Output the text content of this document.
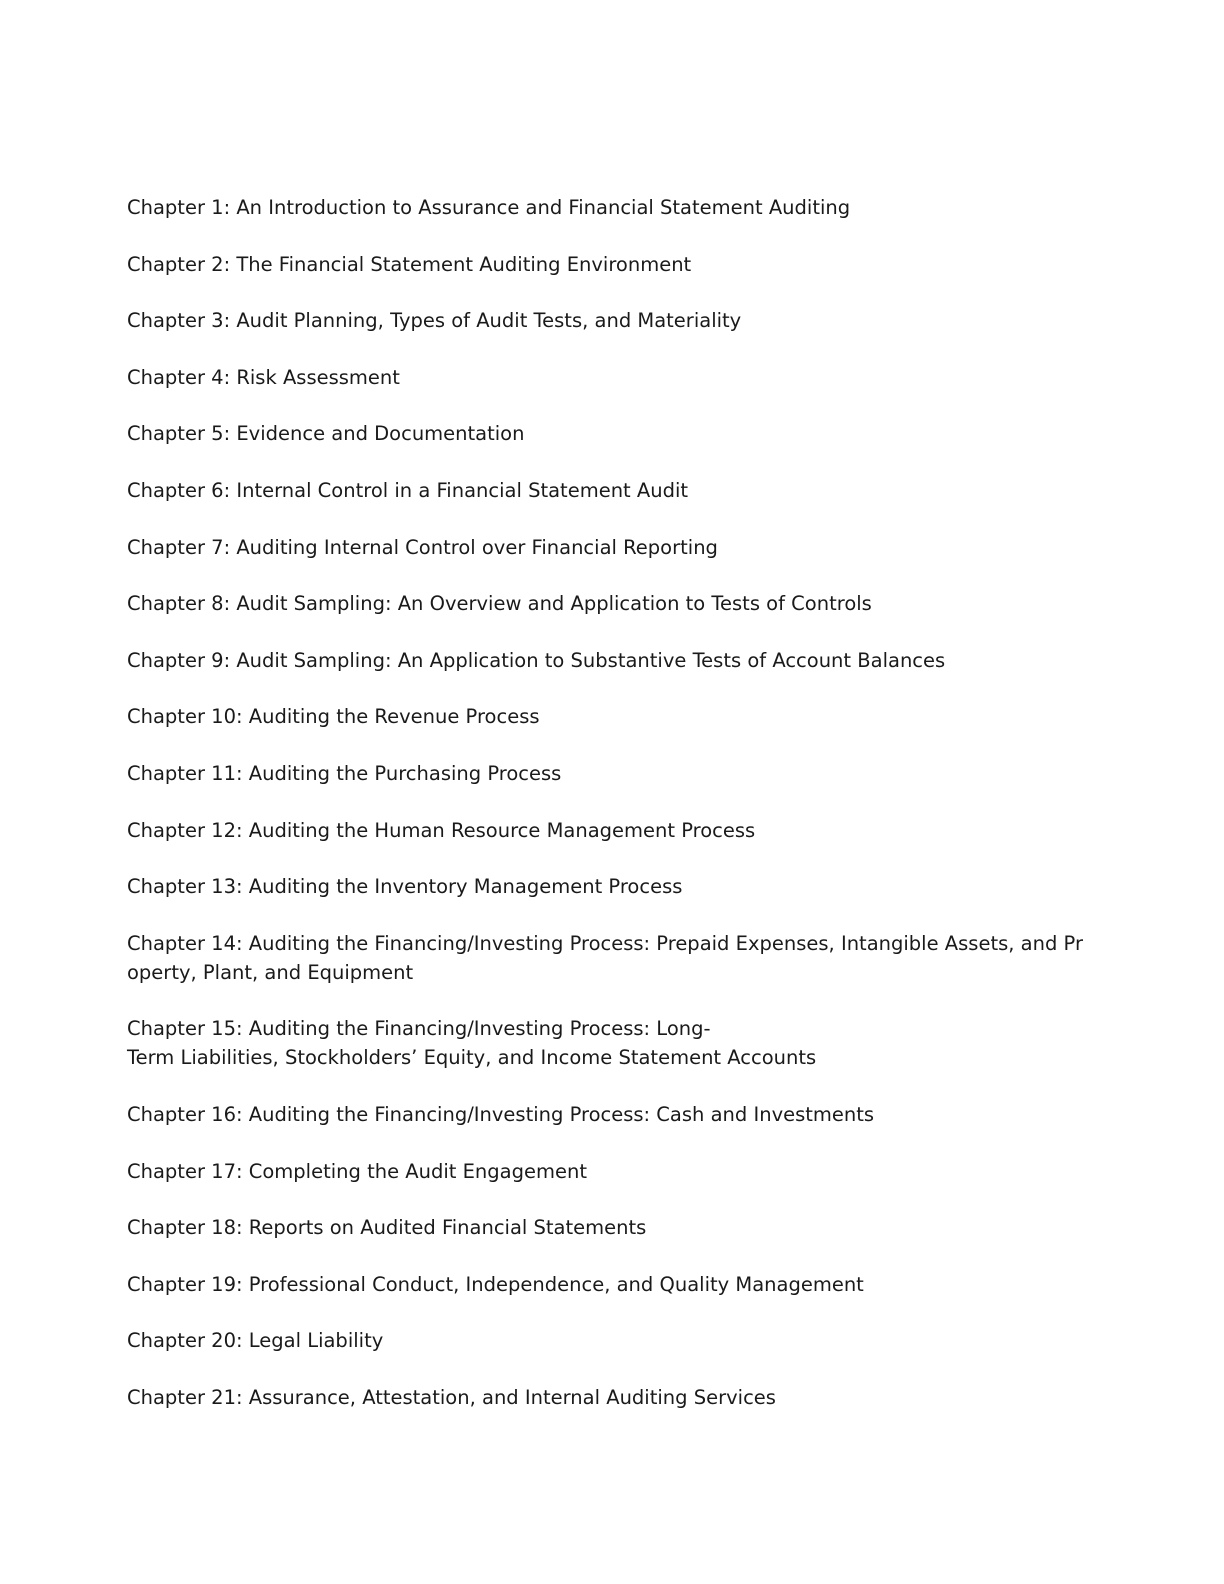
Chapter 1: An Introduction to Assurance and Financial Statement Auditing
Chapter 2: The Financial Statement Auditing Environment
Chapter 3: Audit Planning, Types of Audit Tests, and Materiality
Chapter 4: Risk Assessment
Chapter 5: Evidence and Documentation
Chapter 6: Internal Control in a Financial Statement Audit
Chapter 7: Auditing Internal Control over Financial Reporting
Chapter 8: Audit Sampling: An Overview and Application to Tests of Controls
Chapter 9: Audit Sampling: An Application to Substantive Tests of Account Balances
Chapter 10: Auditing the Revenue Process
Chapter 11: Auditing the Purchasing Process
Chapter 12: Auditing the Human Resource Management Process
Chapter 13: Auditing the Inventory Management Process
Chapter 14: Auditing the Financing/Investing Process: Prepaid Expenses, Intangible Assets, and Pr
operty, Plant, and Equipment
Chapter 15: Auditing the Financing/Investing Process: Long-
Term Liabilities, Stockholders’ Equity, and Income Statement Accounts
Chapter 16: Auditing the Financing/Investing Process: Cash and Investments
Chapter 17: Completing the Audit Engagement
Chapter 18: Reports on Audited Financial Statements
Chapter 19: Professional Conduct, Independence, and Quality Management
Chapter 20: Legal Liability
Chapter 21: Assurance, Attestation, and Internal Auditing Services
